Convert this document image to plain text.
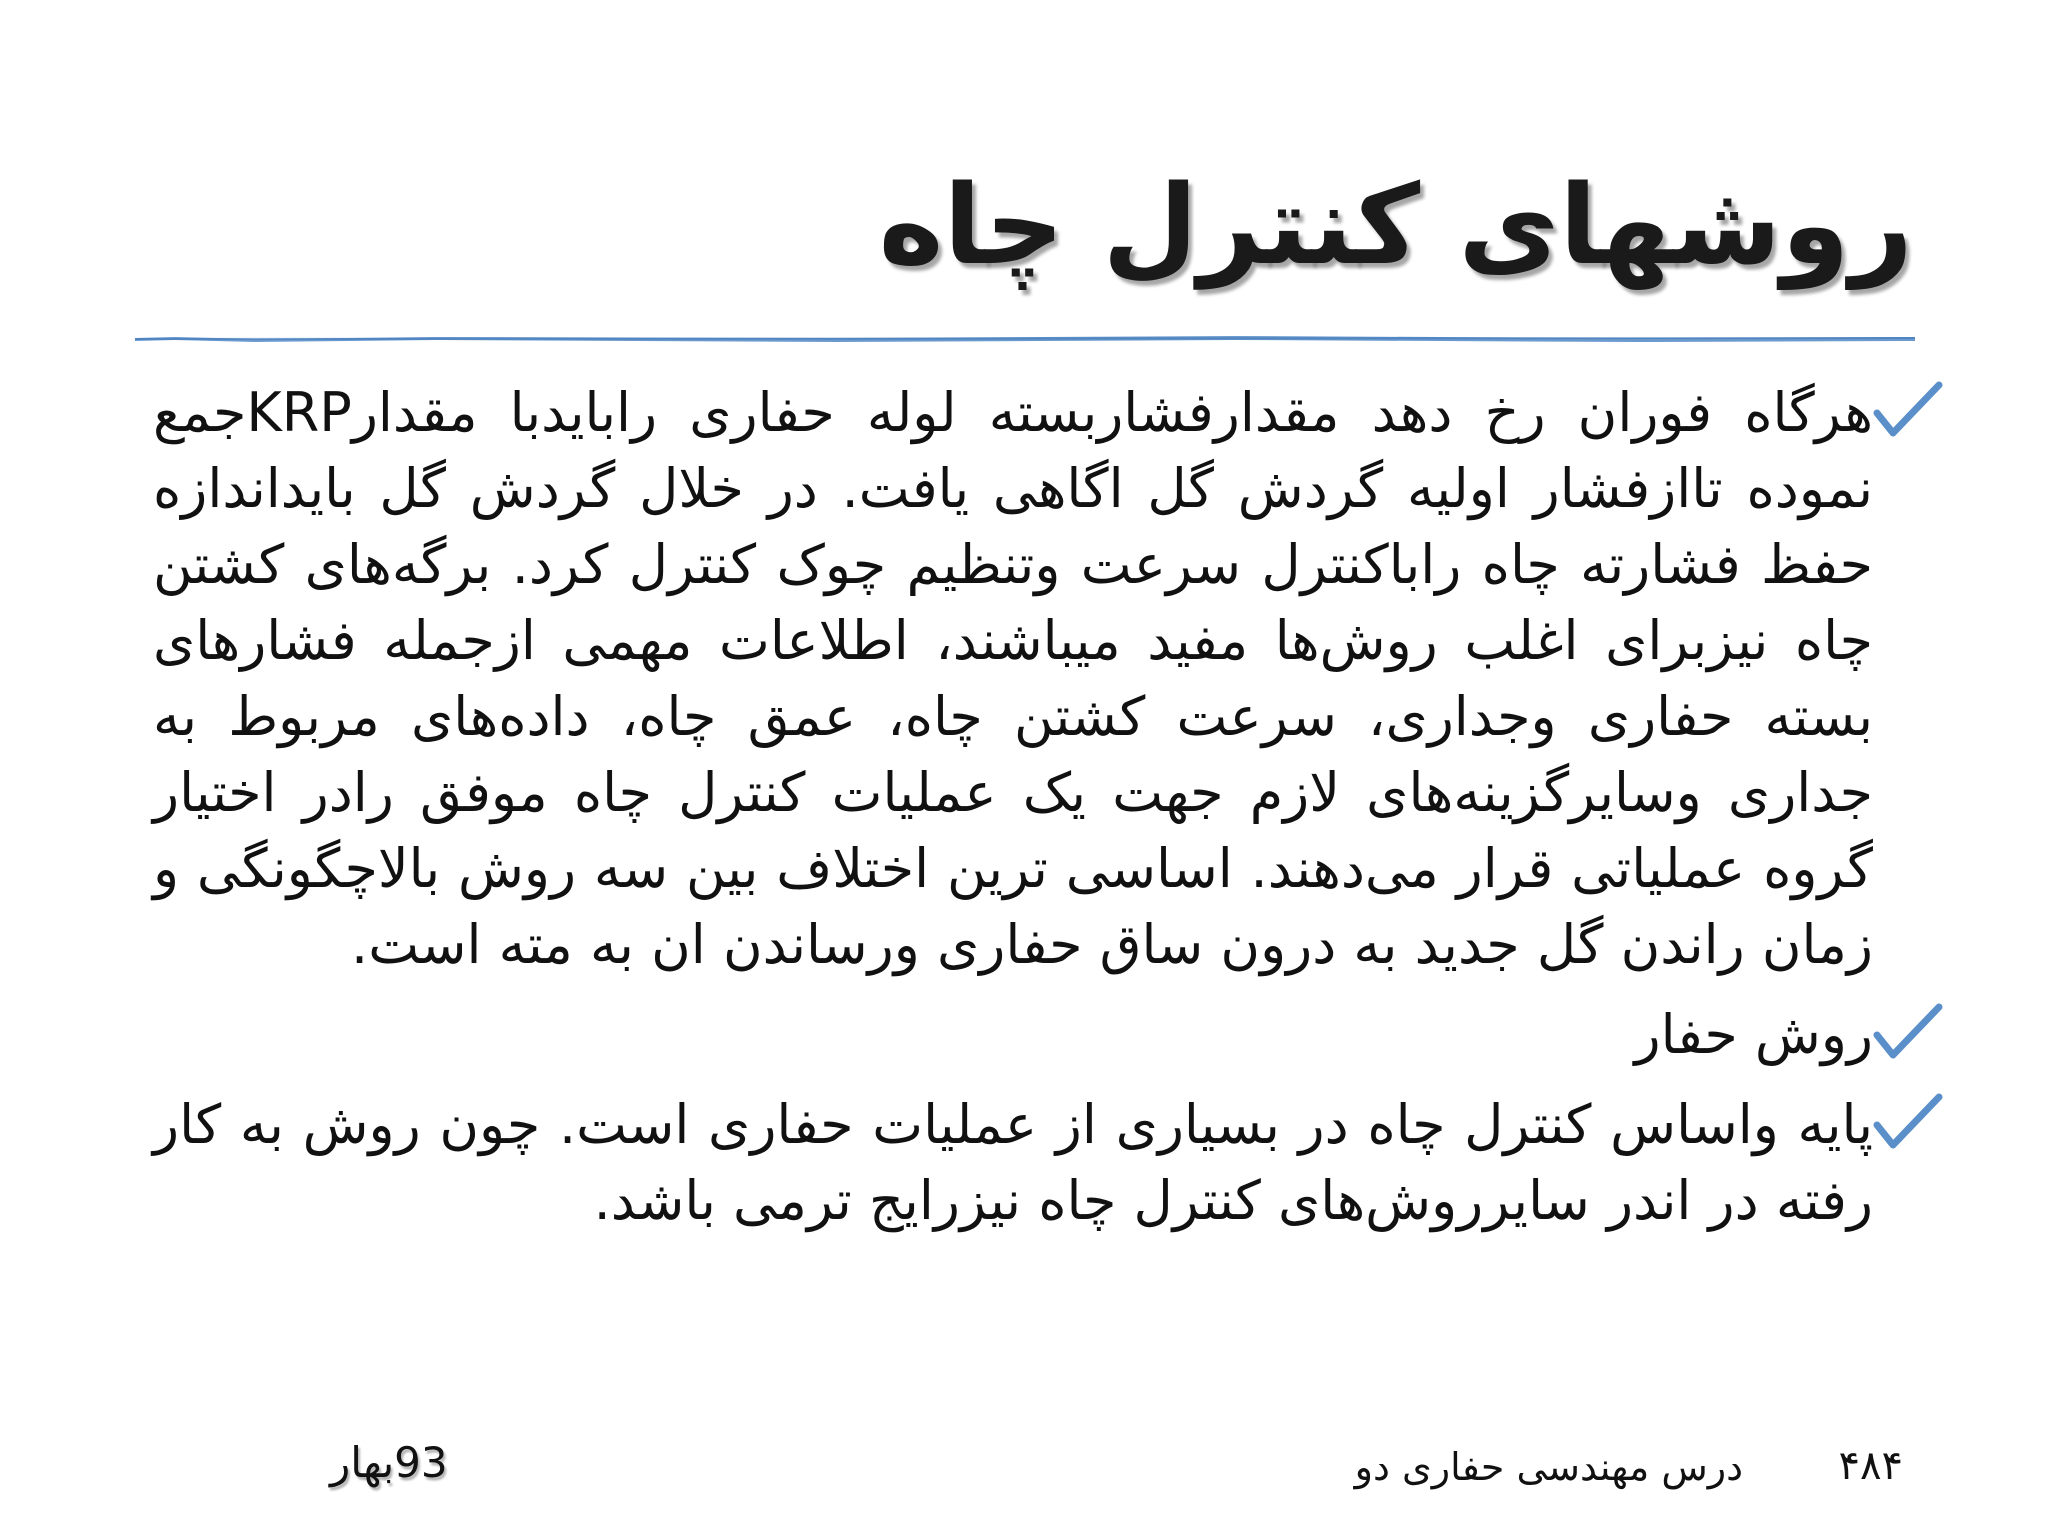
روشهای کنترل چاه
هرگاه فوران رخ دهد مقدارفشاربسته لوله حفاری رابایدبا مقدارKRPجمع نموده تاازفشار اولیه گردش گل اگاهی یافت. در خلال گردش گل بایداندازه حفظ فشارته چاه راباکنترل سرعت وتنظیم چوک کنترل کرد. برگه‌های کشتن چاه نیزبرای اغلب روش‌ها مفید میباشند، اطلاعات مهمی ازجمله فشارهای بسته حفاری وجداری، سرعت کشتن چاه، عمق چاه، داده‌های مربوط به جداری وسایرگزینه‌های لازم جهت یک عملیات کنترل چاه موفق رادر اختیار گروه عملیاتی قرار می‌دهند. اساسی ترین اختلاف بین سه روش بالاچگونگی و زمان راندن گل جدید به درون ساق حفاری ورساندن ان به مته است.
روش حفار
پایه واساس کنترل چاه در بسیاری از عملیات حفاری است. چون روش به کار رفته در اندر سایرروش‌های کنترل چاه نیزرایج ترمی باشد.
93بهار	درس مهندسی حفاری دو ۴۸۴
